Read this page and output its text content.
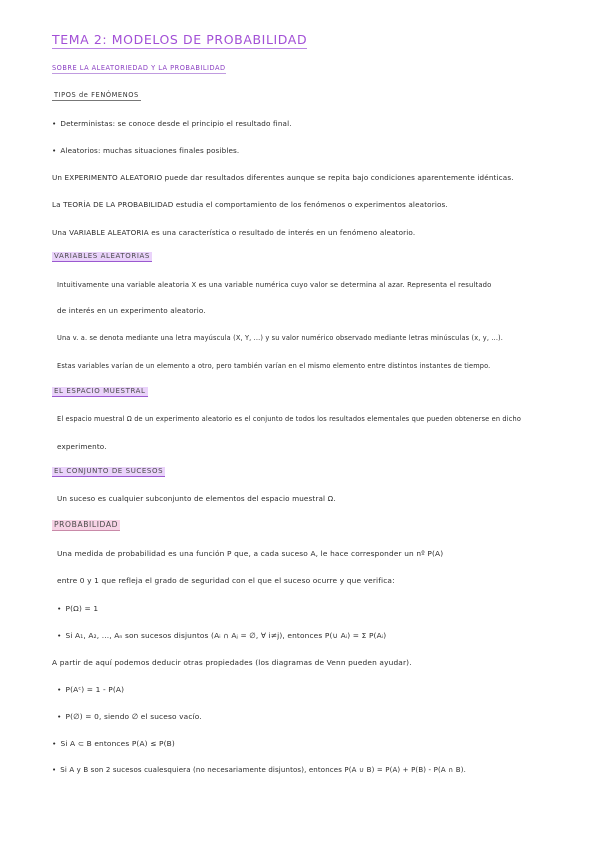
TEMA 2: MODELOS DE PROBABILIDAD
SOBRE LA ALEATORIEDAD Y LA PROBABILIDAD
TIPOS de FENÓMENOS
• Deterministas: se conoce desde el principio el resultado final.
• Aleatorios: muchas situaciones finales posibles.
Un EXPERIMENTO ALEATORIO puede dar resultados diferentes aunque se repita bajo condiciones aparentemente idénticas.
La TEORÍA DE LA PROBABILIDAD estudia el comportamiento de los fenómenos o experimentos aleatorios.
Una VARIABLE ALEATORIA es una característica o resultado de interés en un fenómeno aleatorio.
VARIABLES ALEATORIAS
Intuitivamente una variable aleatoria X es una variable numérica cuyo valor se determina al azar. Representa el resultado
de interés en un experimento aleatorio.
Una v. a. se denota mediante una letra mayúscula (X, Y, ...) y su valor numérico observado mediante letras minúsculas (x, y, ...).
Estas variables varían de un elemento a otro, pero también varían en el mismo elemento entre distintos instantes de tiempo.
EL ESPACIO MUESTRAL
El espacio muestral Ω de un experimento aleatorio es el conjunto de todos los resultados elementales que pueden obtenerse en dicho
experimento.
EL CONJUNTO DE SUCESOS
Un suceso es cualquier subconjunto de elementos del espacio muestral Ω.
PROBABILIDAD
Una medida de probabilidad es una función P que, a cada suceso A, le hace corresponder un nº P(A)
entre 0 y 1 que refleja el grado de seguridad con el que el suceso ocurre y que verifica:
• P(Ω) = 1
• Si A₁, A₂, ..., Aₙ son sucesos disjuntos (Aᵢ ∩ Aⱼ = ∅, ∀ i≠j), entonces P(∪ Aᵢ) = Σ P(Aᵢ)
A partir de aquí podemos deducir otras propiedades (los diagramas de Venn pueden ayudar).
• P(Aᶜ) = 1 - P(A)
• P(∅) = 0, siendo ∅ el suceso vacío.
• Si A ⊂ B entonces P(A) ≤ P(B)
• Si A y B son 2 sucesos cualesquiera (no necesariamente disjuntos), entonces P(A ∪ B) = P(A) + P(B) - P(A ∩ B).
